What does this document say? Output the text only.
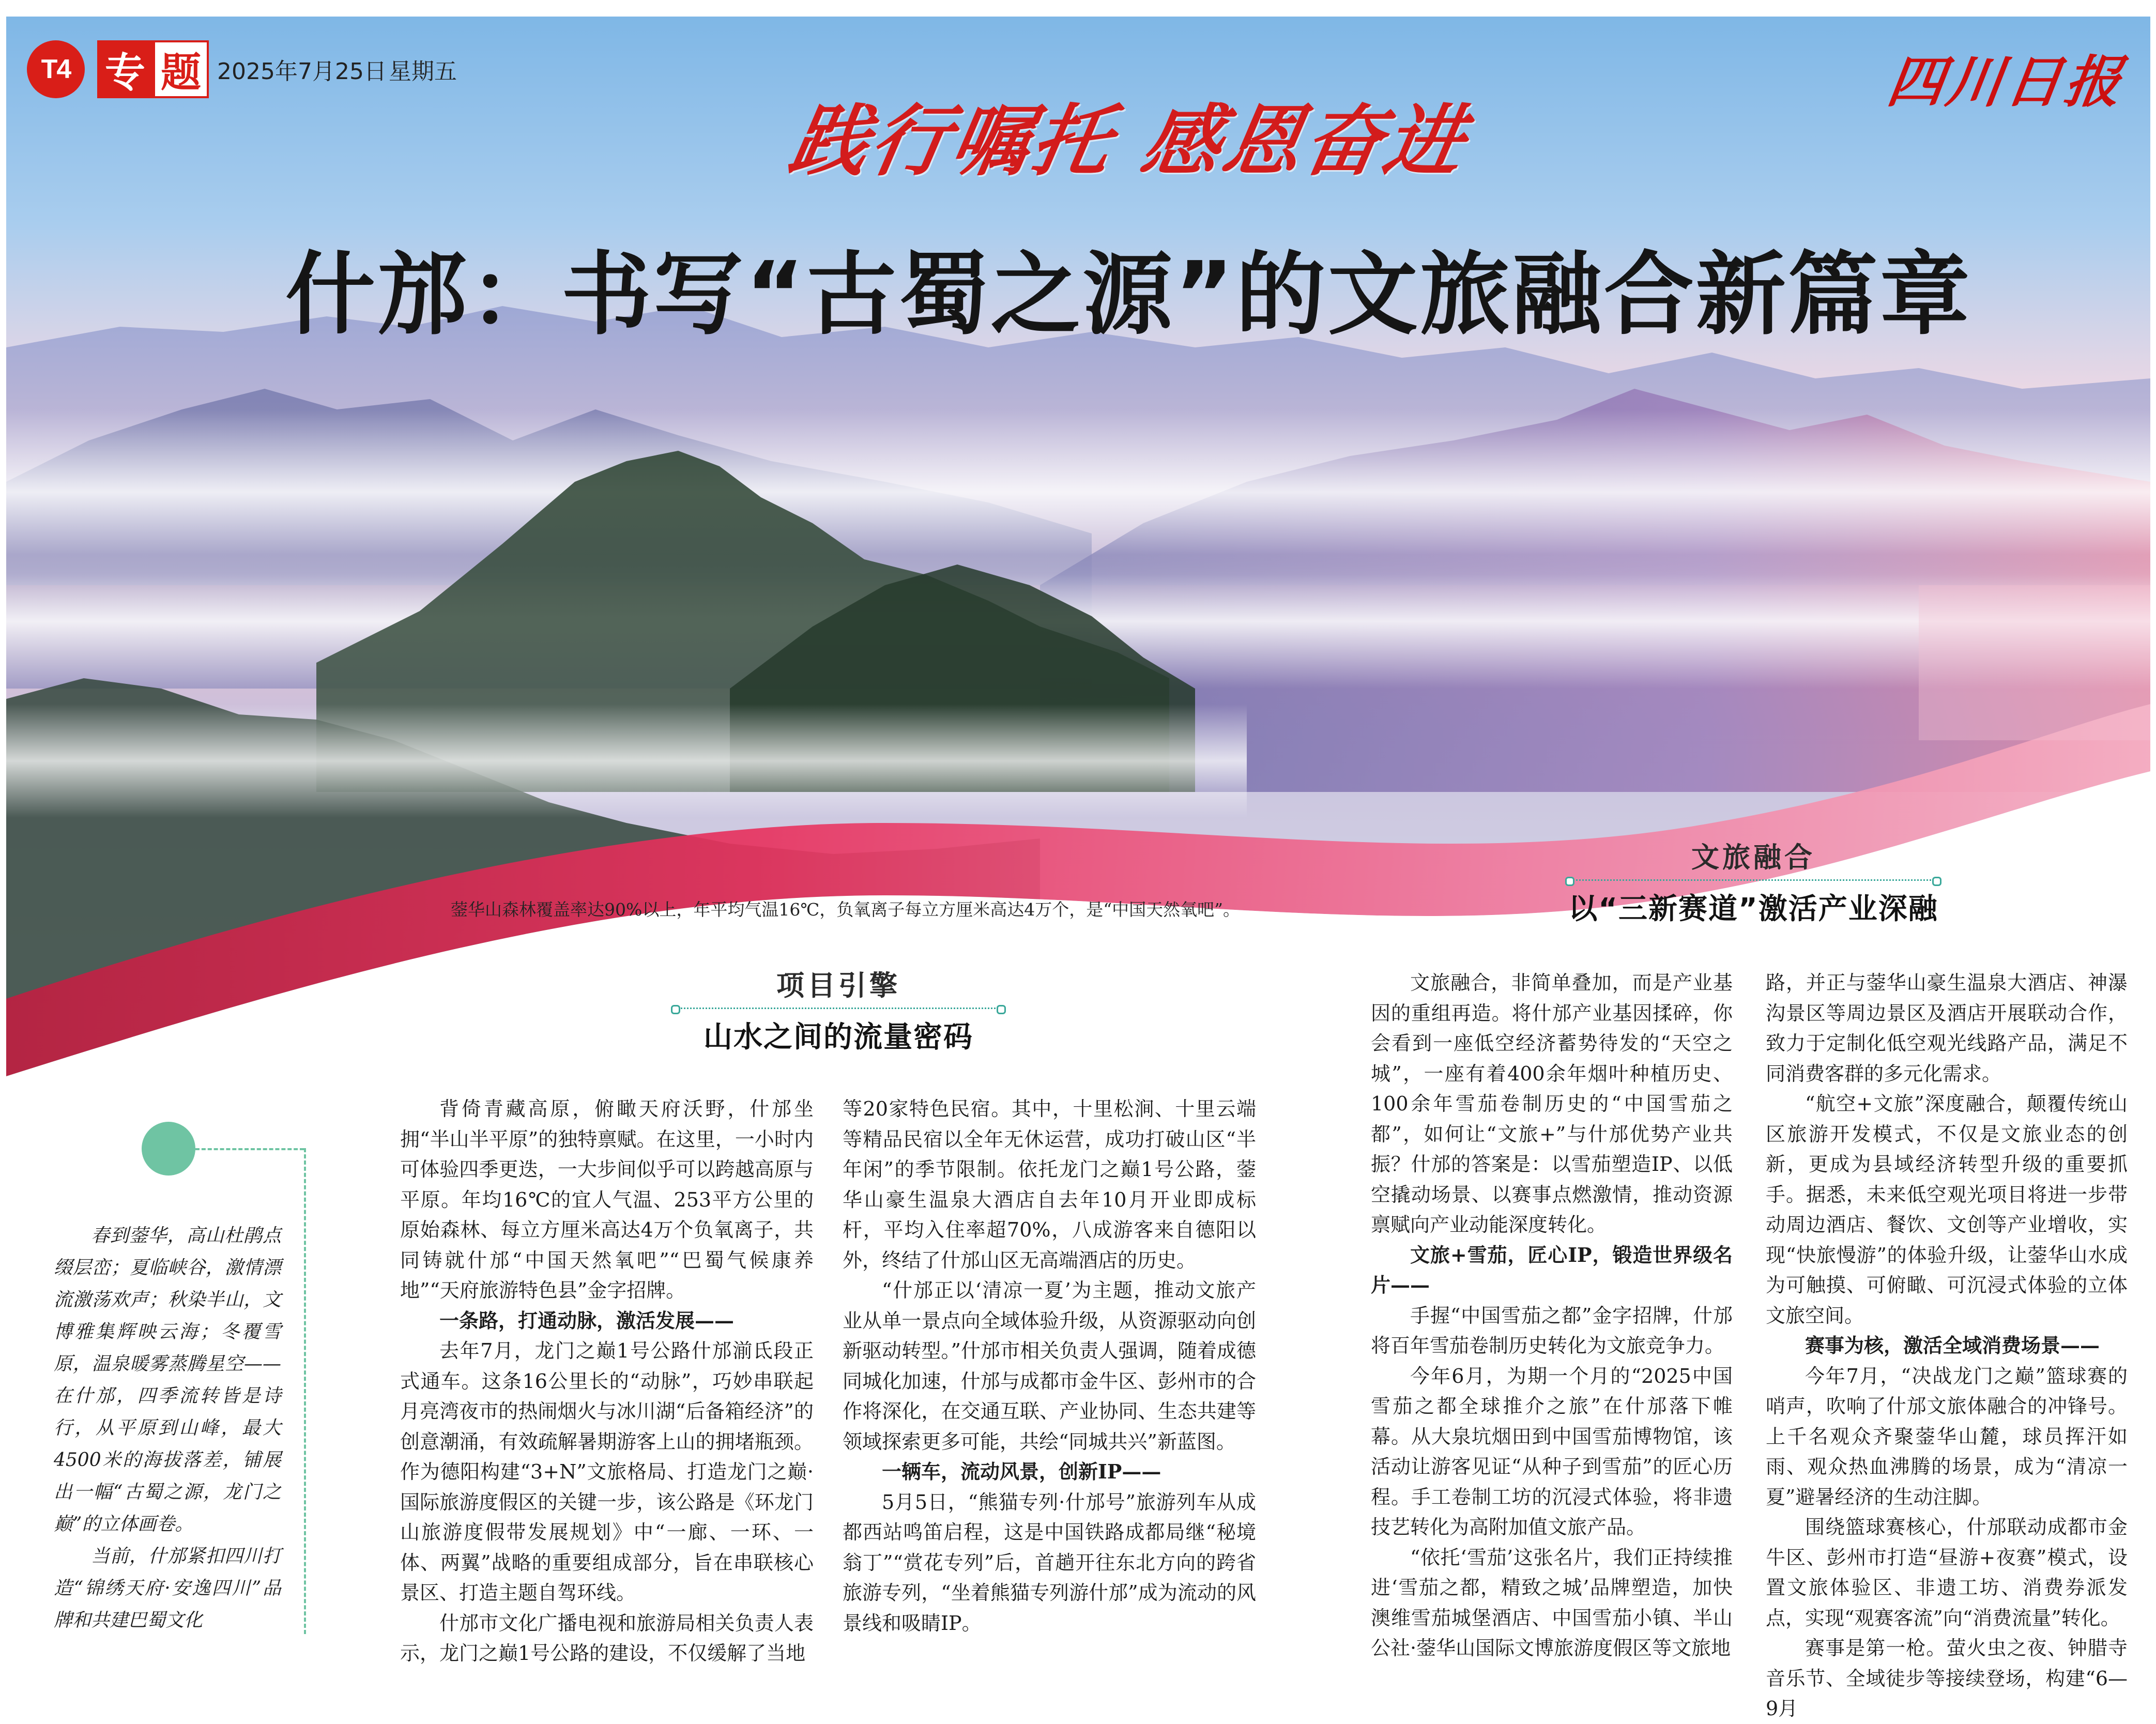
T4 专 题 2025年7月25日 星期五	四川日报
践行嘱托 感恩奋进
什邡：书写“古蜀之源”的文旅融合新篇章
蓥华山森林覆盖率达90%以上，年平均气温16℃，负氧离子每立方厘米高达4万个，是“中国天然氧吧”。
文旅融合
以“三新赛道”激活产业深融
项目引擎
山水之间的流量密码

春到蓥华，高山杜鹃点缀层峦；夏临峡谷，激情漂流激荡欢声；秋染半山，文博雅集辉映云海；冬覆雪原，温泉暖雾蒸腾星空——在什邡，四季流转皆是诗行，从平原到山峰，最大4500米的海拔落差，铺展出一幅“古蜀之源，龙门之巅”的立体画卷。

当前，什邡紧扣四川打造“锦绣天府·安逸四川”品牌和共建巴蜀文化

背倚青藏高原，俯瞰天府沃野，什邡坐拥“半山半平原”的独特禀赋。在这里，一小时内可体验四季更迭，一大步间似乎可以跨越高原与平原。年均16℃的宜人气温、253平方公里的原始森林、每立方厘米高达4万个负氧离子，共同铸就什邡“中国天然氧吧”“巴蜀气候康养地”“天府旅游特色县”金字招牌。

一条路，打通动脉，激活发展——

去年7月，龙门之巅1号公路什邡湔氐段正式通车。这条16公里长的“动脉”，巧妙串联起月亮湾夜市的热闹烟火与冰川湖“后备箱经济”的创意潮涌，有效疏解暑期游客上山的拥堵瓶颈。作为德阳构建“3+N”文旅格局、打造龙门之巅·国际旅游度假区的关键一步，该公路是《环龙门山旅游度假带发展规划》中“一廊、一环、一体、两翼”战略的重要组成部分，旨在串联核心景区、打造主题自驾环线。

什邡市文化广播电视和旅游局相关负责人表示，龙门之巅1号公路的建设，不仅缓解了当地

等20家特色民宿。其中，十里松涧、十里云端等精品民宿以全年无休运营，成功打破山区“半年闲”的季节限制。依托龙门之巅1号公路，蓥华山豪生温泉大酒店自去年10月开业即成标杆，平均入住率超70%，八成游客来自德阳以外，终结了什邡山区无高端酒店的历史。

“什邡正以‘清凉一夏’为主题，推动文旅产业从单一景点向全域体验升级，从资源驱动向创新驱动转型。”什邡市相关负责人强调，随着成德同城化加速，什邡与成都市金牛区、彭州市的合作将深化，在交通互联、产业协同、生态共建等领域探索更多可能，共绘“同城共兴”新蓝图。

一辆车，流动风景，创新IP——

5月5日，“熊猫专列·什邡号”旅游列车从成都西站鸣笛启程，这是中国铁路成都局继“秘境翁丁”“赏花专列”后，首趟开往东北方向的跨省旅游专列，“坐着熊猫专列游什邡”成为流动的风景线和吸睛IP。

文旅融合，非简单叠加，而是产业基因的重组再造。将什邡产业基因揉碎，你会看到一座低空经济蓄势待发的“天空之城”，一座有着400余年烟叶种植历史、100余年雪茄卷制历史的“中国雪茄之都”，如何让“文旅+”与什邡优势产业共振？什邡的答案是：以雪茄塑造IP、以低空撬动场景、以赛事点燃激情，推动资源禀赋向产业动能深度转化。

文旅+雪茄，匠心IP，锻造世界级名片——

手握“中国雪茄之都”金字招牌，什邡将百年雪茄卷制历史转化为文旅竞争力。

今年6月，为期一个月的“2025中国雪茄之都全球推介之旅”在什邡落下帷幕。从大泉坑烟田到中国雪茄博物馆，该活动让游客见证“从种子到雪茄”的匠心历程。手工卷制工坊的沉浸式体验，将非遗技艺转化为高附加值文旅产品。

“依托‘雪茄’这张名片，我们正持续推进‘雪茄之都，精致之城’品牌塑造，加快澳维雪茄城堡酒店、中国雪茄小镇、半山公社·蓥华山国际文博旅游度假区等文旅地

路，并正与蓥华山豪生温泉大酒店、神瀑沟景区等周边景区及酒店开展联动合作，致力于定制化低空观光线路产品，满足不同消费客群的多元化需求。

“航空+文旅”深度融合，颠覆传统山区旅游开发模式，不仅是文旅业态的创新，更成为县域经济转型升级的重要抓手。据悉，未来低空观光项目将进一步带动周边酒店、餐饮、文创等产业增收，实现“快旅慢游”的体验升级，让蓥华山水成为可触摸、可俯瞰、可沉浸式体验的立体文旅空间。

赛事为核，激活全域消费场景——

今年7月，“决战龙门之巅”篮球赛的哨声，吹响了什邡文旅体融合的冲锋号。上千名观众齐聚蓥华山麓，球员挥汗如雨、观众热血沸腾的场景，成为“清凉一夏”避暑经济的生动注脚。

围绕篮球赛核心，什邡联动成都市金牛区、彭州市打造“昼游+夜赛”模式，设置文旅体验区、非遗工坊、消费券派发点，实现“观赛客流”向“消费流量”转化。

赛事是第一枪。萤火虫之夜、钟腊寺音乐节、全域徒步等接续登场，构建“6—9月
